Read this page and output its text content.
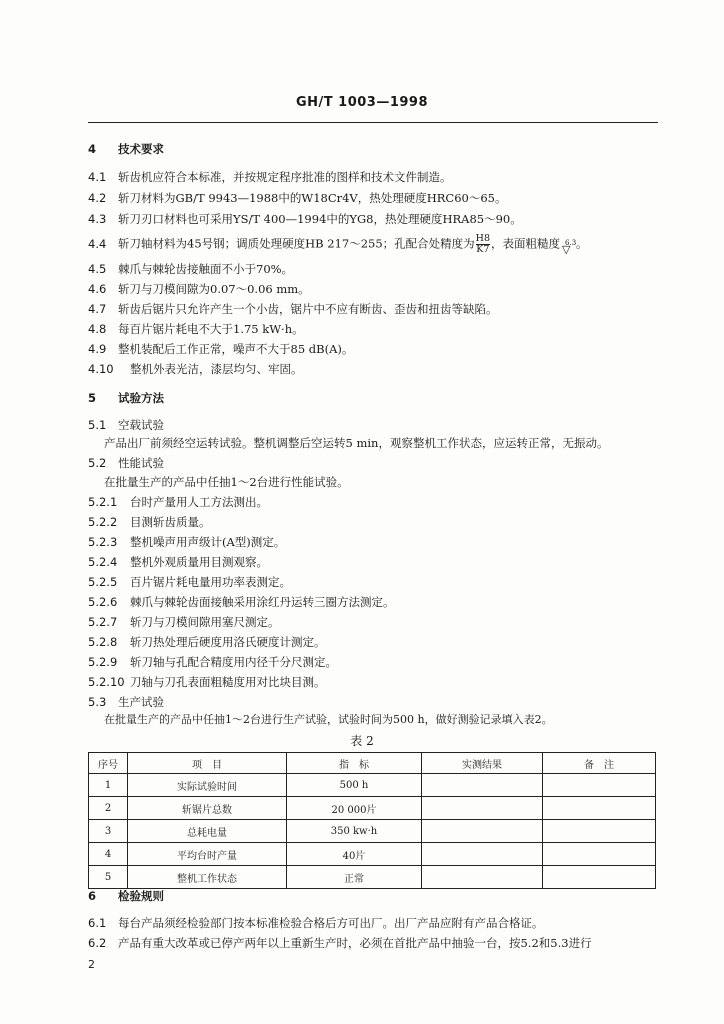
GH/T 1003—1998
4 技术要求
4.1 斩齿机应符合本标准，并按规定程序批准的图样和技术文件制造。
4.2 斩刀材料为GB/T 9943—1988中的W18Cr4V，热处理硬度HRC60～65。
4.3 斩刀刃口材料也可采用YS/T 400—1994中的YG8，热处理硬度HRA85～90。
4.4 斩刀轴材料为45号钢；调质处理硬度HB 217～255；孔配合处精度为 $\frac{H8}{K7}$ ，表面粗糙度 6.3
▽ 。
4.5 棘爪与棘轮齿接触面不小于70%。
4.6 斩刀与刀模间隙为0.07～0.06 mm。
4.7 斩齿后锯片只允许产生一个小齿，锯片中不应有断齿、歪齿和扭齿等缺陷。
4.8 每百片锯片耗电不大于1.75 kW·h。
4.9 整机装配后工作正常，噪声不大于85 dB(A)。
4.10 整机外表光洁，漆层均匀、牢固。
5 试验方法
5.1 空载试验
产品出厂前须经空运转试验。整机调整后空运转5 min，观察整机工作状态，应运转正常，无振动。
5.2 性能试验
在批量生产的产品中任抽1～2台进行性能试验。
5.2.1 台时产量用人工方法测出。
5.2.2 目测斩齿质量。
5.2.3 整机噪声用声级计(A型)测定。
5.2.4 整机外观质量用目测观察。
5.2.5 百片锯片耗电量用功率表测定。
5.2.6 棘爪与棘轮齿面接触采用涂红丹运转三圈方法测定。
5.2.7 斩刀与刀模间隙用塞尺测定。
5.2.8 斩刀热处理后硬度用洛氏硬度计测定。
5.2.9 斩刀轴与孔配合精度用内径千分尺测定。
5.2.10 刀轴与刀孔表面粗糙度用对比块目测。
5.3 生产试验
在批量生产的产品中任抽1～2台进行生产试验，试验时间为500 h，做好测验记录填入表2。
序号	项　目	指　标	实测结果	备　注
1	实际试验时间	500 h		
2	斩锯片总数	20 000片		
3	总耗电量	350 kw·h		
4	平均台时产量	40片		
5	整机工作状态	正常		
表 2
6 检验规则
6.1 每台产品须经检验部门按本标准检验合格后方可出厂。出厂产品应附有产品合格证。
6.2 产品有重大改革或已停产两年以上重新生产时，必须在首批产品中抽验一台，按5.2和5.3进行
2
